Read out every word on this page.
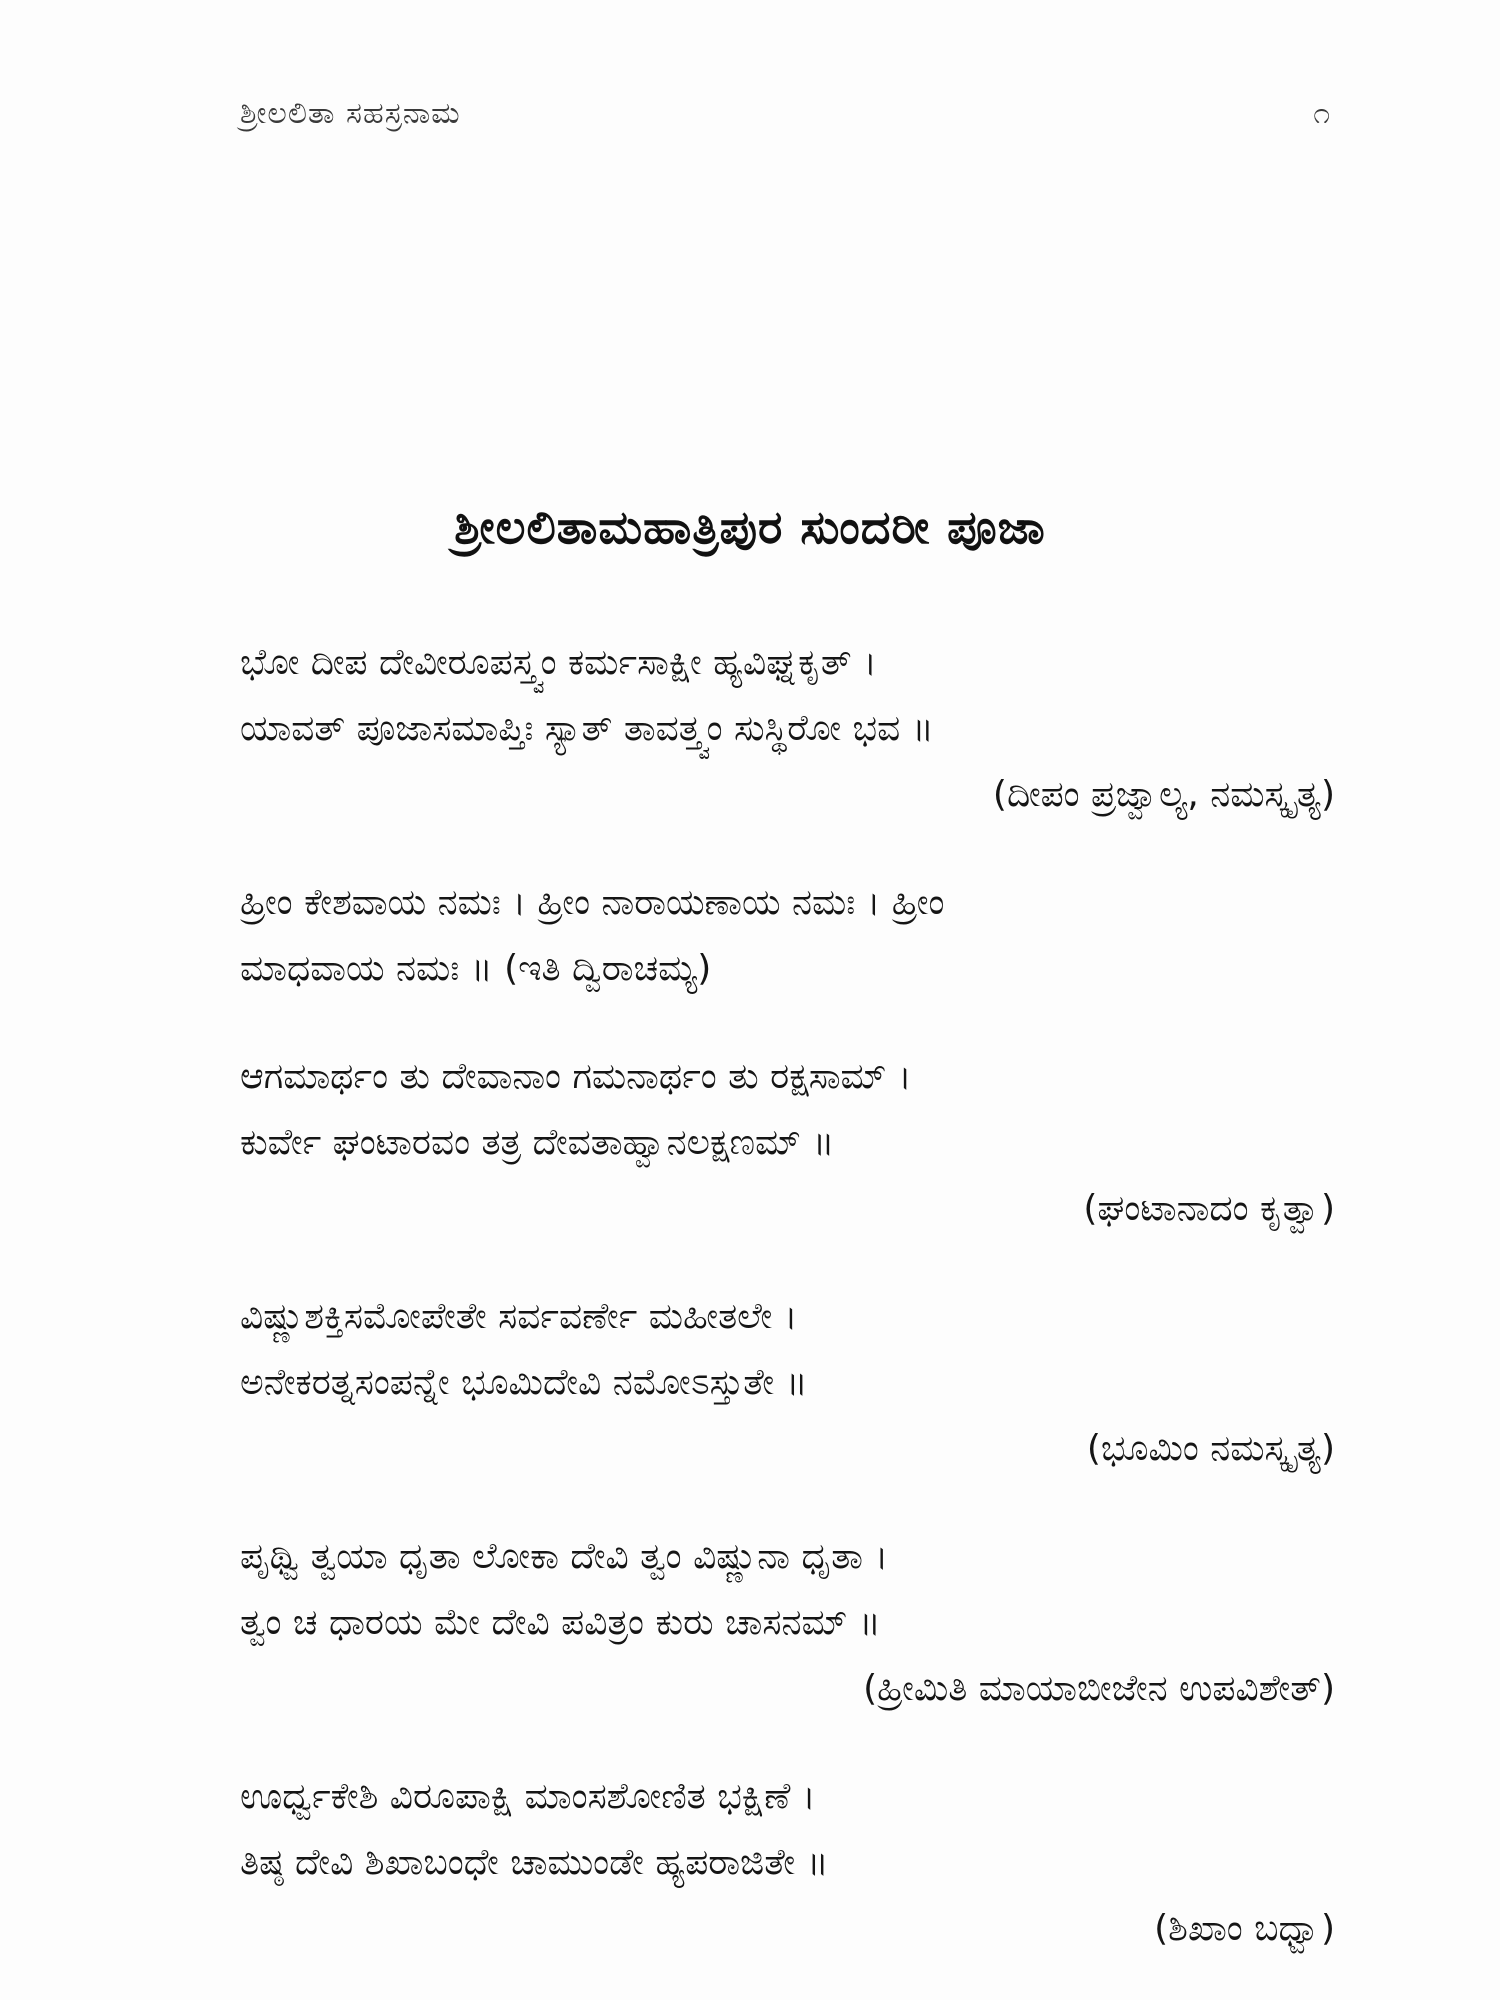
ಶ್ರೀಲಲಿತಾ ಸಹಸ್ರನಾಮ	೧
ಶ್ರೀಲಲಿತಾಮಹಾತ್ರಿಪುರ ಸುಂದರೀ ಪೂಜಾ
ಭೋ ದೀಪ ದೇವೀರೂಪಸ್ತ್ವಂ ಕರ್ಮಸಾಕ್ಷೀ ಹ್ಯವಿಘ್ನಕೃತ್ ।
ಯಾವತ್ ಪೂಜಾಸಮಾಪ್ತಿಃ ಸ್ಯಾತ್ ತಾವತ್ತ್ವಂ ಸುಸ್ಥಿರೋ ಭವ ॥
(ದೀಪಂ ಪ್ರಜ್ವಾಲ್ಯ, ನಮಸ್ಕೃತ್ಯ)
ಹ್ರೀಂ ಕೇಶವಾಯ ನಮಃ । ಹ್ರೀಂ ನಾರಾಯಣಾಯ ನಮಃ । ಹ್ರೀಂ
ಮಾಧವಾಯ ನಮಃ ॥ (ಇತಿ ದ್ವಿರಾಚಮ್ಯ)
ಆಗಮಾರ್ಥಂ ತು ದೇವಾನಾಂ ಗಮನಾರ್ಥಂ ತು ರಕ್ಷಸಾಮ್ ।
ಕುರ್ವೇ ಘಂಟಾರವಂ ತತ್ರ ದೇವತಾಹ್ವಾನಲಕ್ಷಣಮ್ ॥
(ಘಂಟಾನಾದಂ ಕೃತ್ವಾ)
ವಿಷ್ಣುಶಕ್ತಿಸಮೋಪೇತೇ ಸರ್ವವರ್ಣೇ ಮಹೀತಲೇ ।
ಅನೇಕರತ್ನಸಂಪನ್ನೇ ಭೂಮಿದೇವಿ ನಮೋಽಸ್ತುತೇ ॥
(ಭೂಮಿಂ ನಮಸ್ಕೃತ್ಯ)
ಪೃಥ್ವಿ ತ್ವಯಾ ಧೃತಾ ಲೋಕಾ ದೇವಿ ತ್ವಂ ವಿಷ್ಣುನಾ ಧೃತಾ ।
ತ್ವಂ ಚ ಧಾರಯ ಮೇ ದೇವಿ ಪವಿತ್ರಂ ಕುರು ಚಾಸನಮ್ ॥
(ಹ್ರೀಮಿತಿ ಮಾಯಾಬೀಜೇನ ಉಪವಿಶೇತ್)
ಊರ್ಧ್ವಕೇಶಿ ವಿರೂಪಾಕ್ಷಿ ಮಾಂಸಶೋಣಿತ ಭಕ್ಷಿಣೆ ।
ತಿಷ್ಠ ದೇವಿ ಶಿಖಾಬಂಧೇ ಚಾಮುಂಡೇ ಹ್ಯಪರಾಜಿತೇ ॥
(ಶಿಖಾಂ ಬಧ್ವಾ)
